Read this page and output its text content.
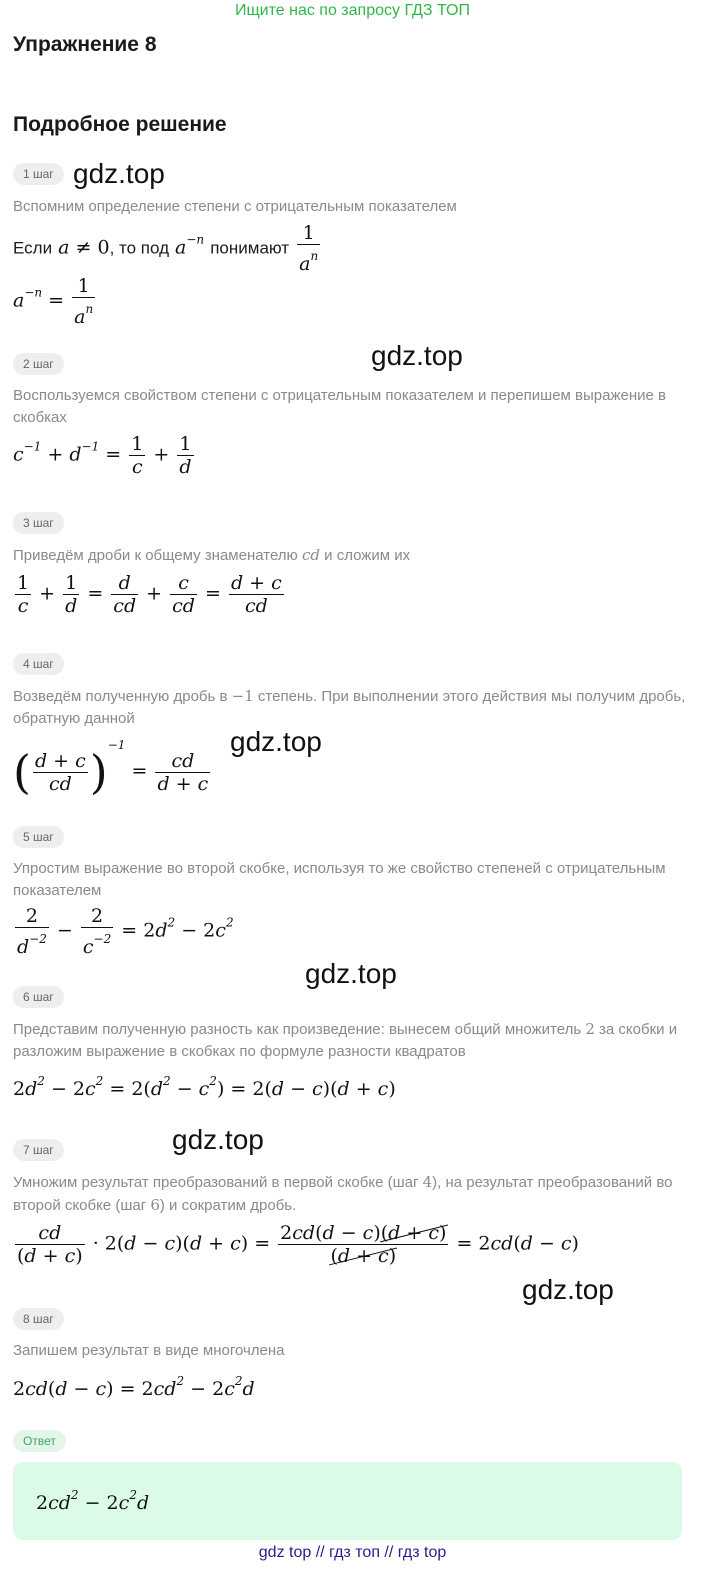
Ищите нас по запросу ГДЗ ТОП
Упражнение 8
Подробное решение
1 шаг gdz.top
Вспомним определение степени с отрицательным показателем
Если a ≠ 0, то под $a^{-n}$ понимают $\frac{1}{a^n}$
$a^{-n} = \frac{1}{a^n}$
2 шаг	gdz.top
Воспользуемся свойством степени с отрицательным показателем и перепишем выражение в скобках
$c^{-1} + d^{-1} = \frac{1}{c} + \frac{1}{d}$
3 шаг
Приведём дроби к общему знаменателю cd и сложим их
$\frac{1}{c} + \frac{1}{d} = \frac{d}{cd} + \frac{c}{cd} = \frac{d + c}{cd}$
4 шаг
Возведём полученную дробь в −1 степень. При выполнении этого действия мы получим дробь, обратную данной
( $\frac{d + c}{cd} )^{-1} = \frac{cd}{d + c}$
gdz.top
5 шаг
Упростим выражение во второй скобке, используя то же свойство степеней с отрицательным показателем
$\frac{2}{d^{-2}} - \frac{2}{c^{-2}} = 2d^2 - 2c^2$
gdz.top
6 шаг
Представим полученную разность как произведение: вынесем общий множитель 2 за скобки и разложим выражение в скобках по формуле разности квадратов
$2d^2 - 2c^2 = 2(d^2 - c^2) = 2(d - c)(d + c)$
7 шаг	gdz.top
Умножим результат преобразований в первой скобке (шаг 4), на результат преобразований во второй скобке (шаг 6) и сократим дробь.
$\frac{cd}{(d + c)} \cdot 2(d - c)(d + c) = \frac{2cd(d - c)(d + c)}{(d + c)} = 2cd(d - c)$
gdz.top
8 шаг
Запишем результат в виде многочлена
$2cd(d - c) = 2cd^2 - 2c^2d$
Ответ
$2cd^2 - 2c^2d$
gdz top // гдз топ // гдз top
